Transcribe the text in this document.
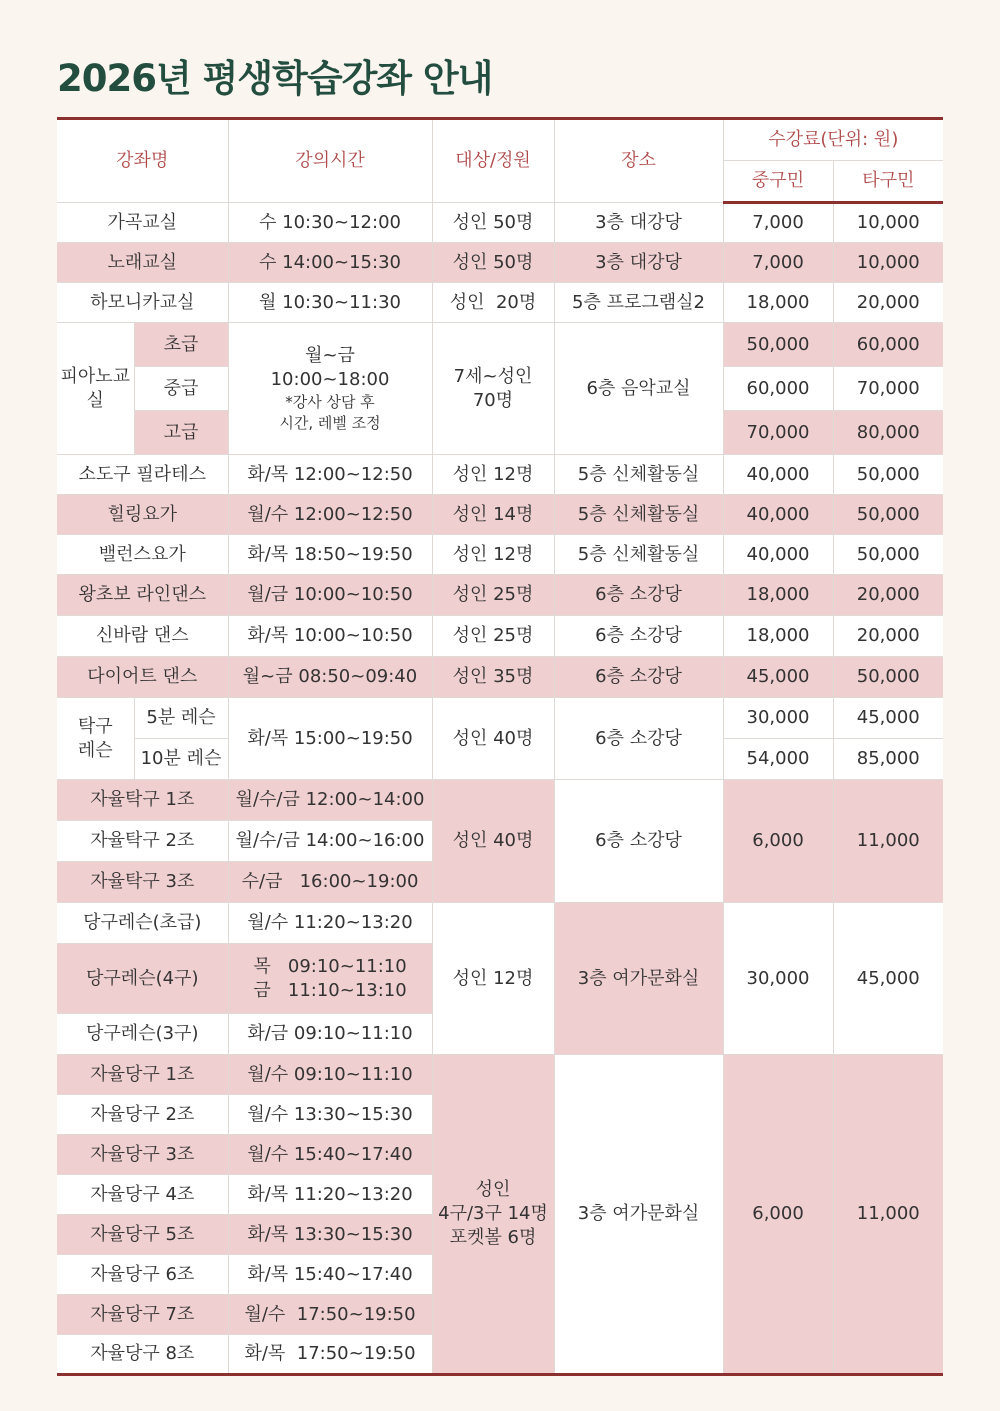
2026년 평생학습강좌 안내
강좌명		강의시간	대상/정원	장소	수강료(단위: 원)	
					중구민	타구민
가곡교실		수 10:30~12:00	성인 50명	3층 대강당	7,000	10,000
노래교실		수 14:00~15:30	성인 50명	3층 대강당	7,000	10,000
하모니카교실		월 10:30~11:30	성인  20명	5층 프로그램실2	18,000	20,000
피아노교실	초급	월~금
10:00~18:00
*강사 상담 후
시간, 레벨 조정	7세~성인
70명	6층 음악교실	50,000	60,000
	중급				60,000	70,000
	고급				70,000	80,000
소도구 필라테스		화/목 12:00~12:50	성인 12명	5층 신체활동실	40,000	50,000
힐링요가		월/수 12:00~12:50	성인 14명	5층 신체활동실	40,000	50,000
밸런스요가		화/목 18:50~19:50	성인 12명	5층 신체활동실	40,000	50,000
왕초보 라인댄스		월/금 10:00~10:50	성인 25명	6층 소강당	18,000	20,000
신바람 댄스		화/목 10:00~10:50	성인 25명	6층 소강당	18,000	20,000
다이어트 댄스		월~금 08:50~09:40	성인 35명	6층 소강당	45,000	50,000

탁구
레슨	5분 레슨	화/목 15:00~19:50	성인 40명	6층 소강당	30,000	45,000
	10분 레슨				54,000	85,000
자율탁구 1조		월/수/금 12:00~14:00	성인 40명	6층 소강당	6,000	11,000
자율탁구 2조		월/수/금 14:00~16:00				
자율탁구 3조		수/금   16:00~19:00				
당구레슨(초급)		월/수 11:20~13:20	성인 12명	3층 여가문화실	30,000	45,000
당구레슨(4구)		목   09:10~11:10
금   11:10~13:10				

당구레슨(3구)		화/금 09:10~11:10				
자율당구 1조		월/수 09:10~11:10	성인
4구/3구 14명
포켓볼 6명	3층 여가문화실	6,000	11,000
자율당구 2조		월/수 13:30~15:30				
자율당구 3조		월/수 15:40~17:40				
자율당구 4조		화/목 11:20~13:20				
자율당구 5조		화/목 13:30~15:30				
자율당구 6조		화/목 15:40~17:40				
자율당구 7조		월/수  17:50~19:50				
자율당구 8조		화/목  17:50~19:50				
